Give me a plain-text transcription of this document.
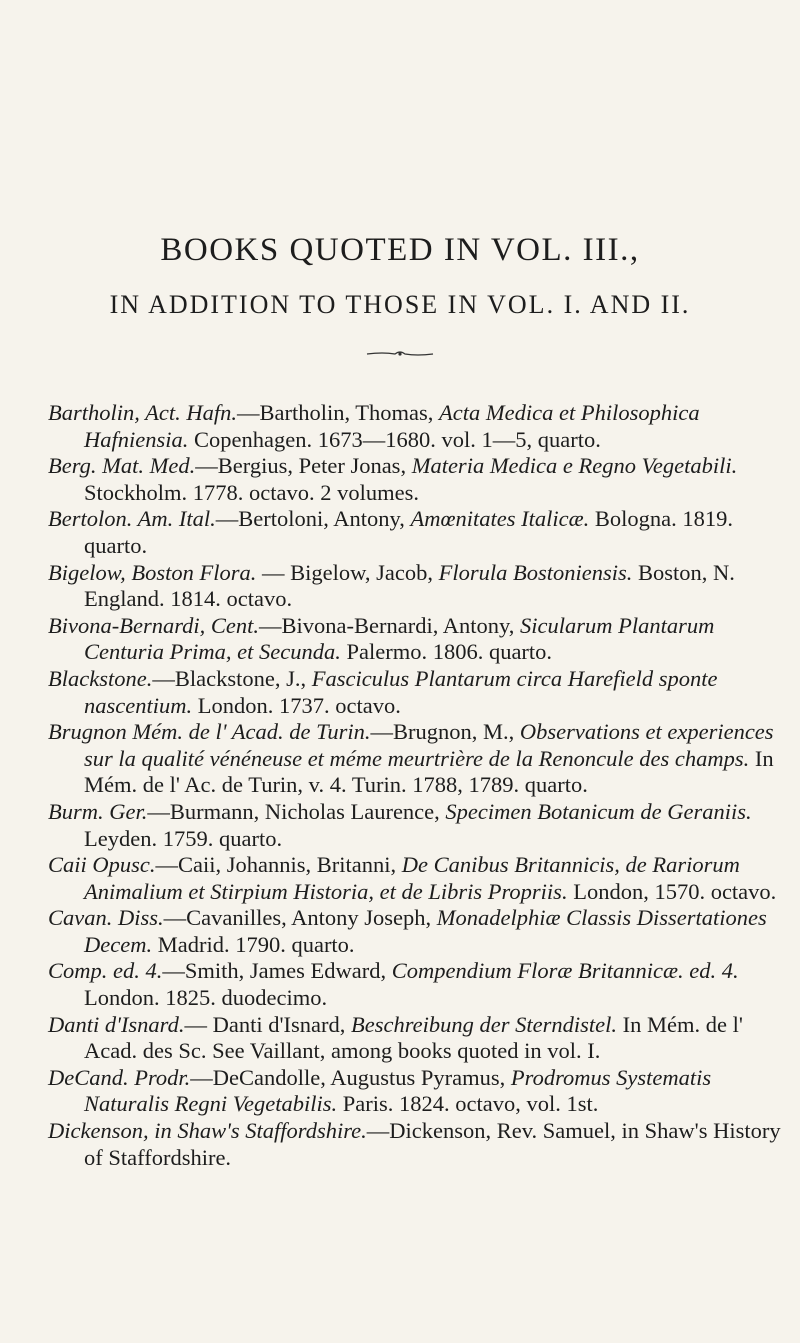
BOOKS QUOTED IN VOL. III.,
IN ADDITION TO THOSE IN VOL. I. AND II.
Bartholin, Act. Hafn.—Bartholin, Thomas, Acta Medica et Philosophica Hafniensia. Copenhagen. 1673—1680. vol. 1—5, quarto.
Berg. Mat. Med.—Bergius, Peter Jonas, Materia Medica e Regno Vegetabili. Stockholm. 1778. octavo. 2 volumes.
Bertolon. Am. Ital.—Bertoloni, Antony, Amœnitates Italicæ. Bologna. 1819. quarto.
Bigelow, Boston Flora. — Bigelow, Jacob, Florula Bostoniensis. Boston, N. England. 1814. octavo.
Bivona-Bernardi, Cent.—Bivona-Bernardi, Antony, Sicularum Plantarum Centuria Prima, et Secunda. Palermo. 1806. quarto.
Blackstone.—Blackstone, J., Fasciculus Plantarum circa Harefield sponte nascentium. London. 1737. octavo.
Brugnon Mém. de l' Acad. de Turin.—Brugnon, M., Observations et experiences sur la qualité vénéneuse et méme meurtrière de la Renoncule des champs. In Mém. de l' Ac. de Turin, v. 4. Turin. 1788, 1789. quarto.
Burm. Ger.—Burmann, Nicholas Laurence, Specimen Botanicum de Geraniis. Leyden. 1759. quarto.
Caii Opusc.—Caii, Johannis, Britanni, De Canibus Britannicis, de Rariorum Animalium et Stirpium Historia, et de Libris Propriis. London, 1570. octavo.
Cavan. Diss.—Cavanilles, Antony Joseph, Monadelphiæ Classis Dissertationes Decem. Madrid. 1790. quarto.
Comp. ed. 4.—Smith, James Edward, Compendium Floræ Britannicæ. ed. 4. London. 1825. duodecimo.
Danti d'Isnard.— Danti d'Isnard, Beschreibung der Sterndistel. In Mém. de l' Acad. des Sc. See Vaillant, among books quoted in vol. I.
DeCand. Prodr.—DeCandolle, Augustus Pyramus, Prodromus Systematis Naturalis Regni Vegetabilis. Paris. 1824. octavo, vol. 1st.
Dickenson, in Shaw's Staffordshire.—Dickenson, Rev. Samuel, in Shaw's History of Staffordshire.
